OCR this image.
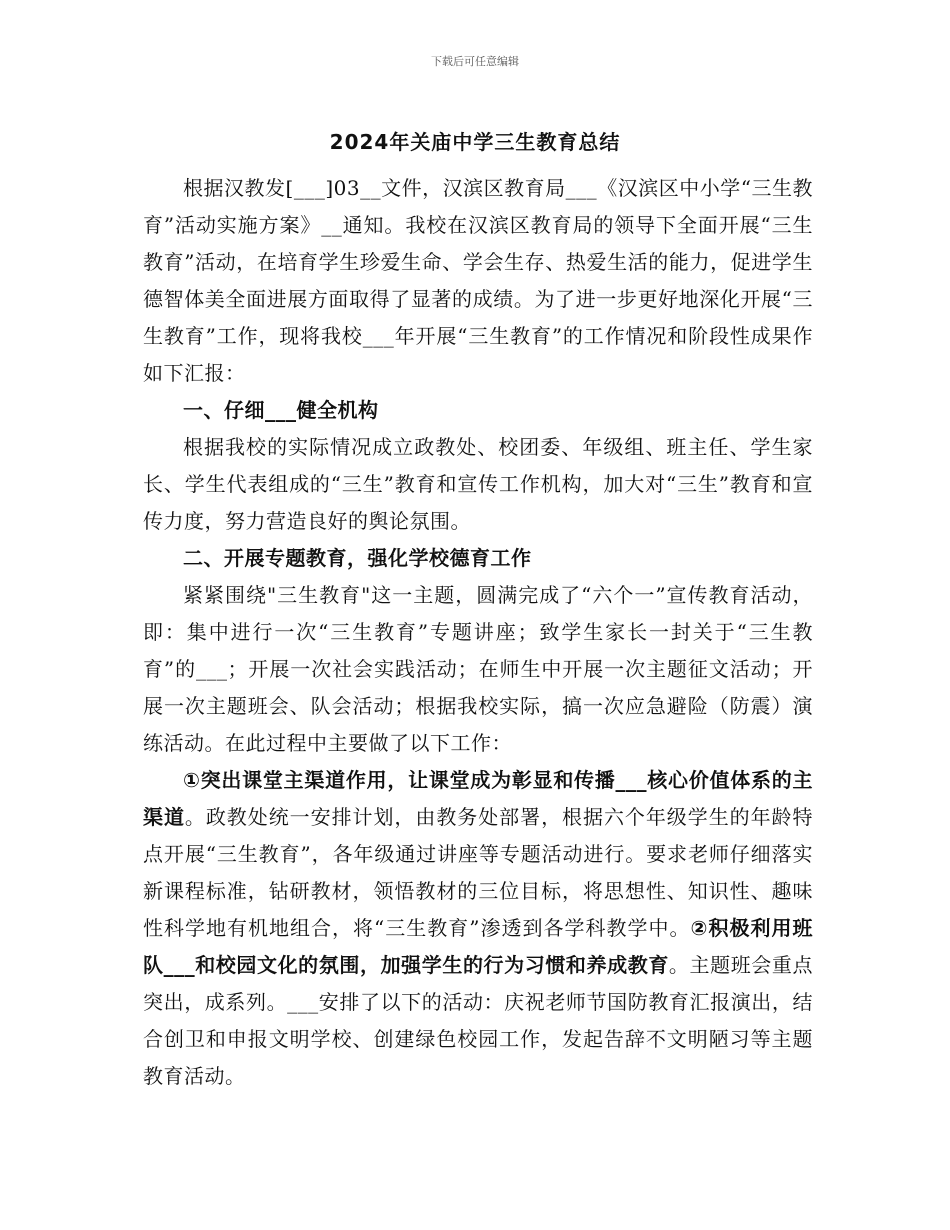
下载后可任意编辑
2024年关庙中学三生教育总结

根据汉教发[___]03__文件，汉滨区教育局___《汉滨区中小学“三生教育”活动实施方案》__通知。我校在汉滨区教育局的领导下全面开展“三生教育”活动，在培育学生珍爱生命、学会生存、热爱生活的能力，促进学生德智体美全面进展方面取得了显著的成绩。为了进一步更好地深化开展“三生教育”工作，现将我校___年开展“三生教育”的工作情况和阶段性成果作如下汇报：

一、仔细___健全机构

根据我校的实际情况成立政教处、校团委、年级组、班主任、学生家长、学生代表组成的“三生”教育和宣传工作机构，加大对“三生”教育和宣传力度，努力营造良好的舆论氛围。

二、开展专题教育，强化学校德育工作

紧紧围绕"三生教育"这一主题，圆满完成了“六个一”宣传教育活动，即：集中进行一次“三生教育”专题讲座；致学生家长一封关于“三生教育”的___；开展一次社会实践活动；在师生中开展一次主题征文活动；开展一次主题班会、队会活动；根据我校实际，搞一次应急避险（防震）演练活动。在此过程中主要做了以下工作：

①突出课堂主渠道作用，让课堂成为彰显和传播___核心价值体系的主渠道。政教处统一安排计划，由教务处部署，根据六个年级学生的年龄特点开展“三生教育”，各年级通过讲座等专题活动进行。要求老师仔细落实新课程标准，钻研教材，领悟教材的三位目标，将思想性、知识性、趣味性科学地有机地组合，将“三生教育”渗透到各学科教学中。②积极利用班队___和校园文化的氛围，加强学生的行为习惯和养成教育。主题班会重点突出，成系列。___安排了以下的活动：庆祝老师节国防教育汇报演出，结合创卫和申报文明学校、创建绿色校园工作，发起告辞不文明陋习等主题教育活动。
